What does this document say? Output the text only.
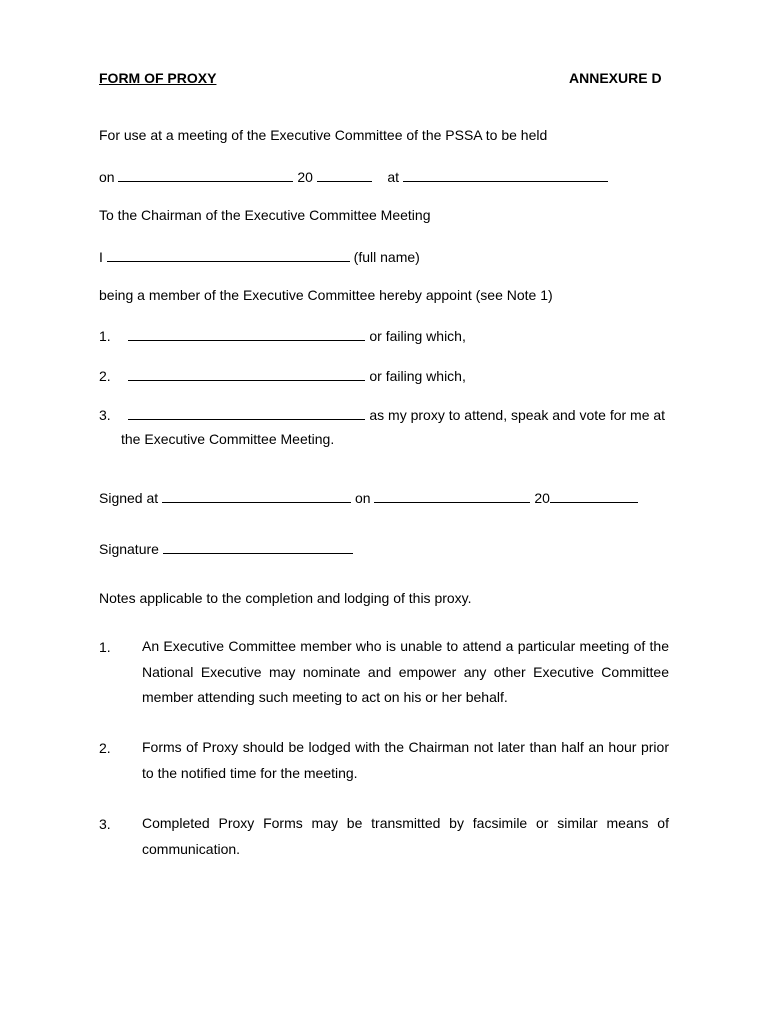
FORM OF PROXY	ANNEXURE D
For use at a meeting of the Executive Committee of the PSSA to be held
on	20	at
To the Chairman of the Executive Committee Meeting
I	(full name)
being a member of the Executive Committee hereby appoint (see Note 1)
1.	or failing which,
2.	or failing which,
3.	as my proxy to attend, speak and vote for me at
the Executive Committee Meeting.
Signed at	on	20
Signature
Notes applicable to the completion and lodging of this proxy.
1. An Executive Committee member who is unable to attend a particular meeting of the National Executive may nominate and empower any other Executive Committee member attending such meeting to act on his or her behalf.
2. Forms of Proxy should be lodged with the Chairman not later than half an hour prior to the notified time for the meeting.
3. Completed Proxy Forms may be transmitted by facsimile or similar means of communication.
